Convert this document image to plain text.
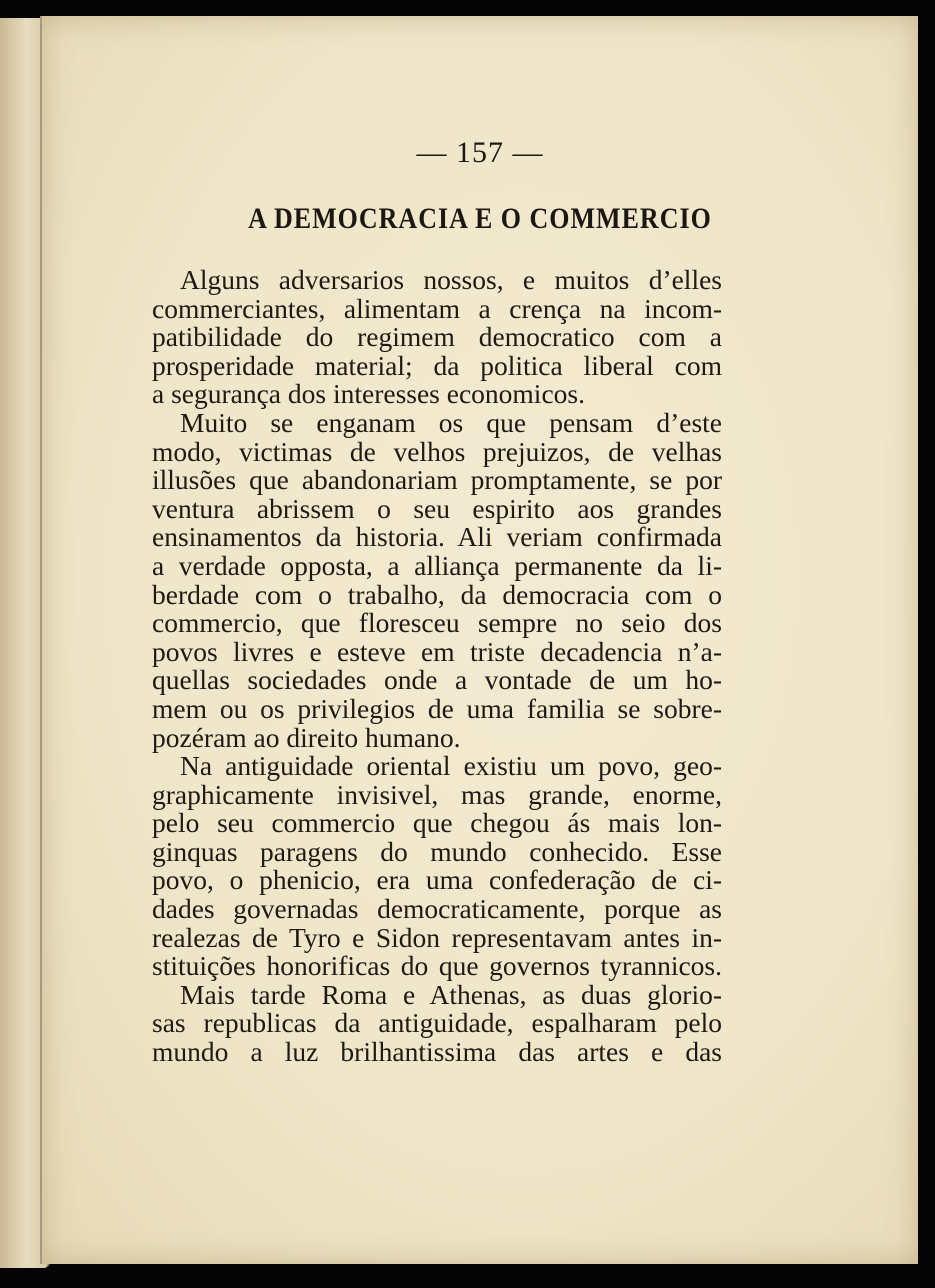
— 157 —
A DEMOCRACIA E O COMMERCIO

Alguns adversarios nossos, e muitos d’elles
commerciantes, alimentam a crença na incom-
patibilidade do regimem democratico com a
prosperidade material; da politica liberal com
a segurança dos interesses economicos.

Muito se enganam os que pensam d’este
modo, victimas de velhos prejuizos, de velhas
illusões que abandonariam promptamente, se por
ventura abrissem o seu espirito aos grandes
ensinamentos da historia. Ali veriam confirmada
a verdade opposta, a alliança permanente da li-
berdade com o trabalho, da democracia com o
commercio, que floresceu sempre no seio dos
povos livres e esteve em triste decadencia n’a-
quellas sociedades onde a vontade de um ho-
mem ou os privilegios de uma familia se sobre-
pozéram ao direito humano.

Na antiguidade oriental existiu um povo, geo-
graphicamente invisivel, mas grande, enorme,
pelo seu commercio que chegou ás mais lon-
ginquas paragens do mundo conhecido. Esse
povo, o phenicio, era uma confederação de ci-
dades governadas democraticamente, porque as
realezas de Tyro e Sidon representavam antes in-
stituições honorificas do que governos tyrannicos.

Mais tarde Roma e Athenas, as duas glorio-
sas republicas da antiguidade, espalharam pelo
mundo a luz brilhantissima das artes e das
